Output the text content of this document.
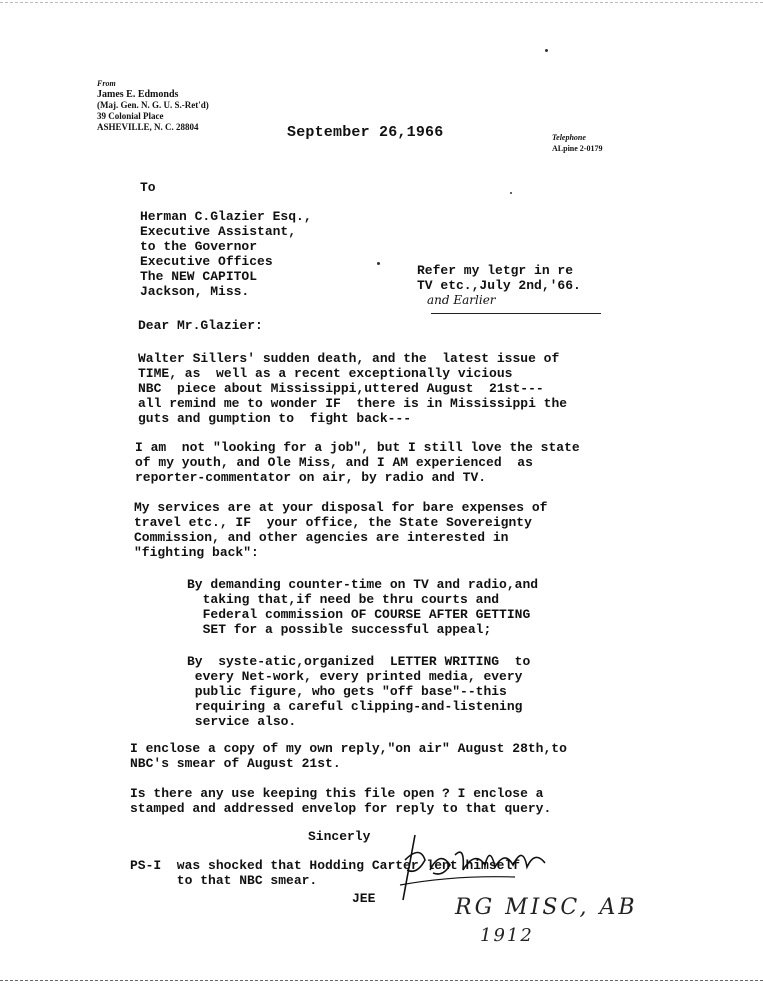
From
James E. Edmonds
(Maj. Gen. N. G. U. S.-Ret'd)
39 Colonial Place
ASHEVILLE, N. C. 28804	September 26,1966	Telephone
ALpine 2-0179
To
Herman C.Glazier Esq.,
Executive Assistant,
to the Governor
Executive Offices
The NEW CAPITOL
Jackson, Miss.
Refer my letgr in re
TV etc.,July 2nd,'66.
and Earlier
Dear Mr.Glazier:
Walter Sillers' sudden death, and the  latest issue of
TIME, as  well as a recent exceptionally vicious
NBC  piece about Mississippi,uttered August  21st---
all remind me to wonder IF  there is in Mississippi the
guts and gumption to  fight back---
I am  not "looking for a job", but I still love the state
of my youth, and Ole Miss, and I AM experienced  as
reporter-commentator on air, by radio and TV.
My services are at your disposal for bare expenses of
travel etc., IF  your office, the State Sovereignty
Commission, and other agencies are interested in
"fighting back":
By demanding counter-time on TV and radio,and
taking that,if need be thru courts and
Federal commission OF COURSE AFTER GETTING
SET for a possible successful appeal;
By  syste-atic,organized  LETTER WRITING  to
every Net-work, every printed media, every
public figure, who gets "off base"--this
requiring a careful clipping-and-listening
service also.
I enclose a copy of my own reply,"on air" August 28th,to
NBC's smear of August 21st.
Is there any use keeping this file open ? I enclose a
stamped and addressed envelop for reply to that query.
Sincerly
PS-I  was shocked that Hodding Carter lent himself
to that NBC smear.
JEE	RG MISC, AB
1912
